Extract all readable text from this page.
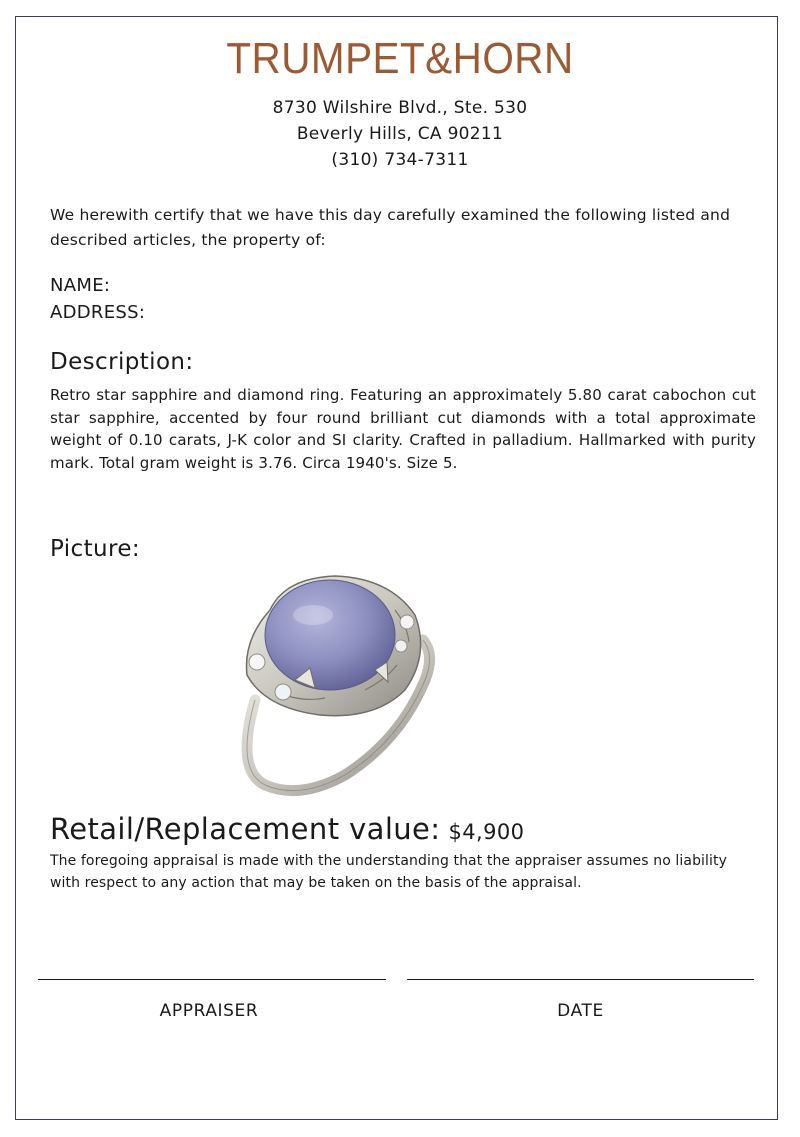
TRUMPET&HORN
8730 Wilshire Blvd., Ste. 530
Beverly Hills, CA 90211
(310) 734-7311
We herewith certify that we have this day carefully examined the following listed and described articles, the property of:
NAME:
ADDRESS:
Description:
Retro star sapphire and diamond ring. Featuring an approximately 5.80 carat cabochon cut star sapphire, accented by four round brilliant cut diamonds with a total approximate weight of 0.10 carats, J-K color and SI clarity. Crafted in palladium. Hallmarked with purity mark. Total gram weight is 3.76. Circa 1940's. Size 5.
Picture:
Retail/Replacement value: $4,900
The foregoing appraisal is made with the understanding that the appraiser assumes no liability with respect to any action that may be taken on the basis of the appraisal.
APPRAISER	DATE
